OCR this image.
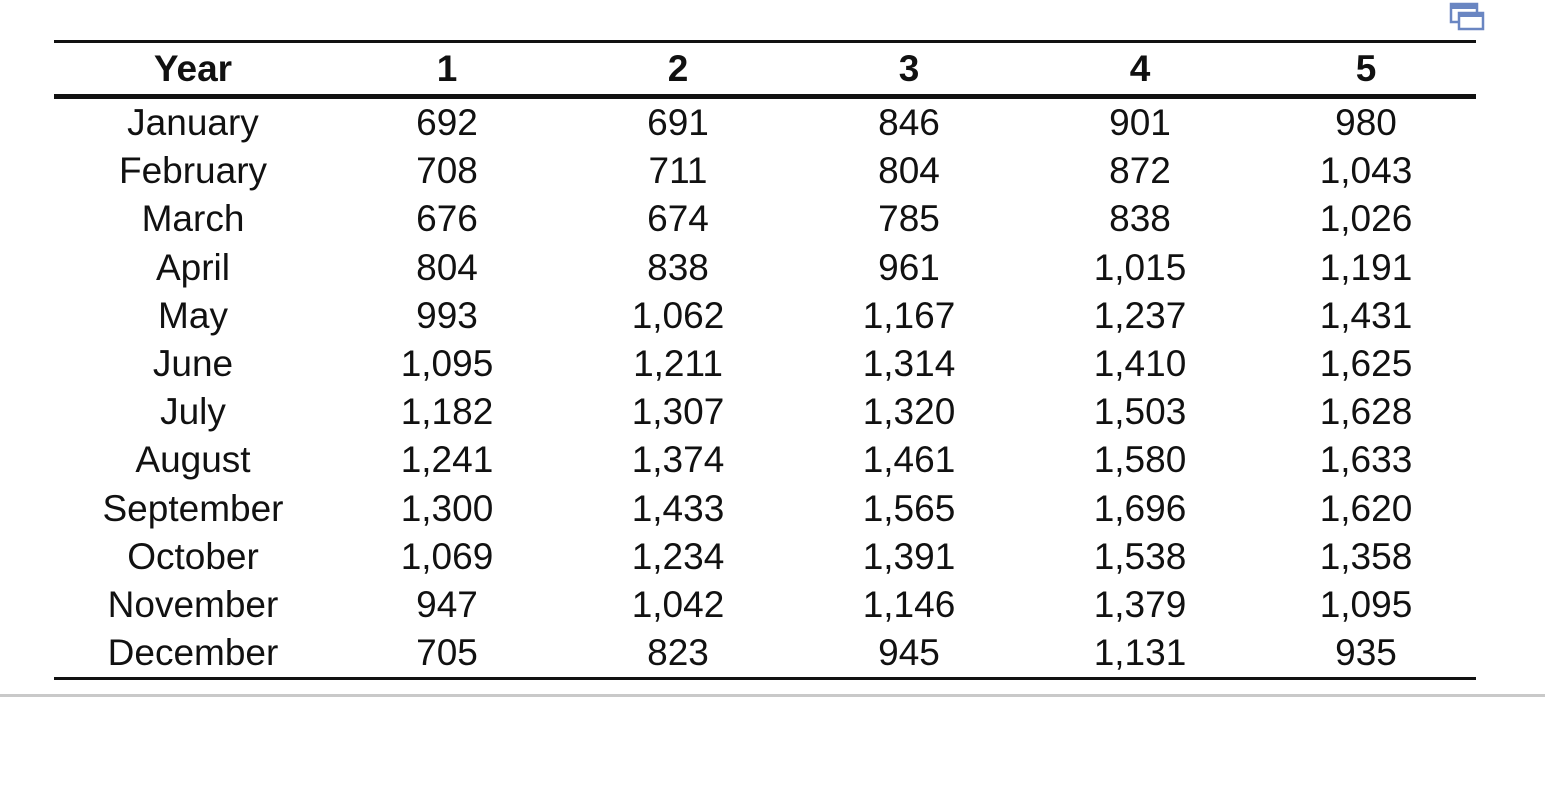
Year	1	2	3	4	5
January	692	691	846	901	980
February	708	711	804	872	1,043
March	676	674	785	838	1,026
April	804	838	961	1,015	1,191
May	993	1,062	1,167	1,237	1,431
June	1,095	1,211	1,314	1,410	1,625
July	1,182	1,307	1,320	1,503	1,628
August	1,241	1,374	1,461	1,580	1,633
September	1,300	1,433	1,565	1,696	1,620
October	1,069	1,234	1,391	1,538	1,358
November	947	1,042	1,146	1,379	1,095
December	705	823	945	1,131	935
